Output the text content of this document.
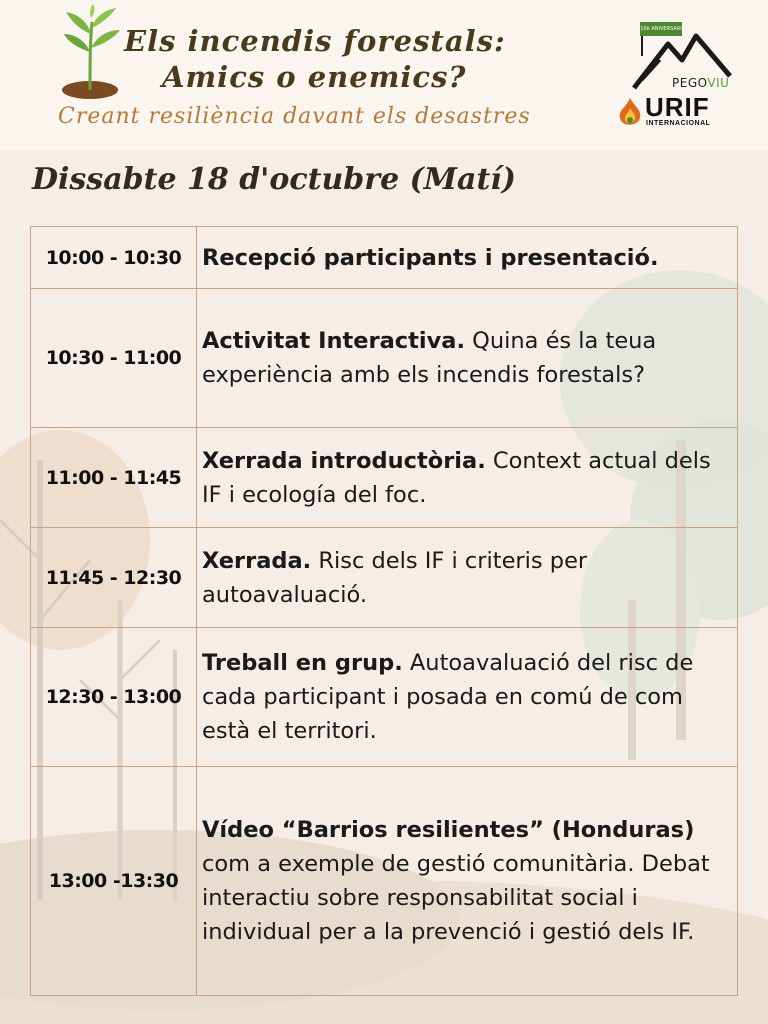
Els incendis forestals:
Amics o enemics?
Creant resiliència davant els desastres
10è ANIVERSARI
PEGOVIU
URIF
INTERNACIONAL
Dissabte 18 d'octubre (Matí)
10:00 - 10:30	Recepció participants i presentació.
10:30 - 11:00	Activitat Interactiva. Quina és la teua experiència amb els incendis forestals?
11:00 - 11:45	Xerrada introductòria. Context actual dels IF i ecología del foc.
11:45 - 12:30	Xerrada. Risc dels IF i criteris per autoavaluació.
12:30 - 13:00	Treball en grup. Autoavaluació del risc de cada participant i posada en comú de com està el territori.
13:00 -13:30	Vídeo “Barrios resilientes” (Honduras) com a exemple de gestió comunitària. Debat interactiu sobre responsabilitat social i individual per a la prevenció i gestió dels IF.
